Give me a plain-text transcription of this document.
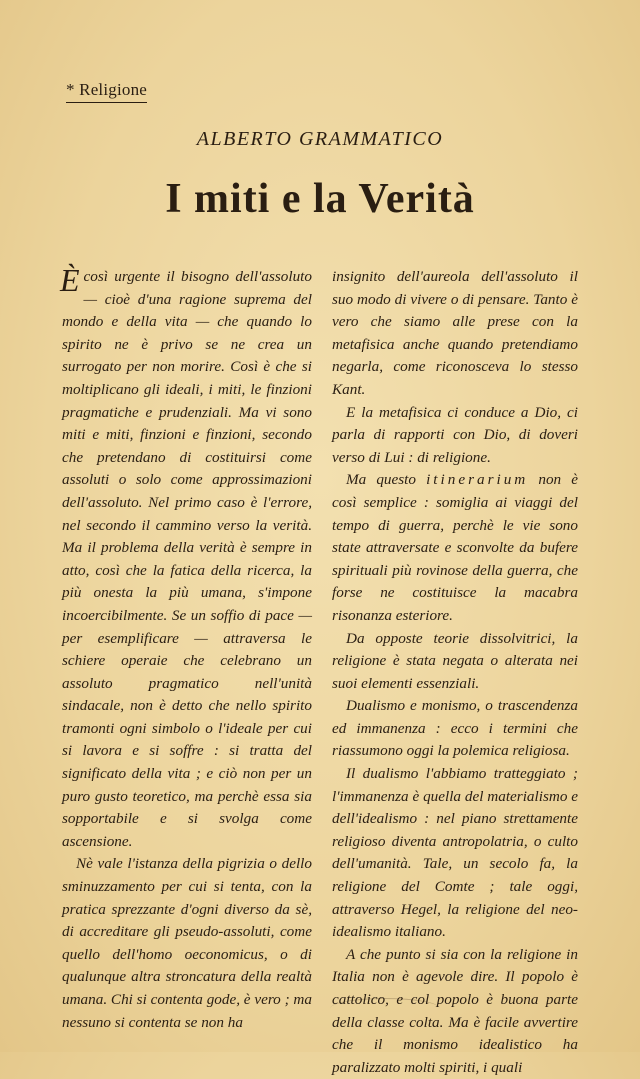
* Religione
ALBERTO GRAMMATICO
I miti e la Verità

Ècosì urgente il bisogno dell'assoluto — cioè d'una ragione suprema del mondo e della vita — che quando lo spirito ne è privo se ne crea un surrogato per non morire. Così è che si moltiplicano gli ideali, i miti, le finzioni pragmatiche e prudenziali. Ma vi sono miti e miti, finzioni e finzioni, secondo che pretendano di costituirsi come assoluti o solo come approssimazioni dell'assoluto. Nel primo caso è l'errore, nel secondo il cammino verso la verità. Ma il problema della verità è sempre in atto, così che la fatica della ricerca, la più onesta la più umana, s'impone incoercibilmente. Se un soffio di pace — per esemplificare — attraversa le schiere operaie che celebrano un assoluto pragmatico nell'unità sindacale, non è detto che nello spirito tramonti ogni simbolo o l'ideale per cui si lavora e si soffre : si tratta del significato della vita ; e ciò non per un puro gusto teoretico, ma perchè essa sia sopportabile e si svolga come ascensione.

Nè vale l'istanza della pigrizia o dello sminuzzamento per cui si tenta, con la pratica sprezzante d'ogni diverso da sè, di accreditare gli pseudo-assoluti, come quello dell'homo oeconomicus, o di qualunque altra stroncatura della realtà umana. Chi si contenta gode, è vero ; ma nessuno si contenta se non ha

insignito dell'aureola dell'assoluto il suo modo di vivere o di pensare. Tanto è vero che siamo alle prese con la metafisica anche quando pretendiamo negarla, come riconosceva lo stesso Kant.

E la metafisica ci conduce a Dio, ci parla di rapporti con Dio, di doveri verso di Lui : di religione.

Ma questo itinerarium non è così semplice : somiglia ai viaggi del tempo di guerra, perchè le vie sono state attraversate e sconvolte da bufere spirituali più rovinose della guerra, che forse ne costituisce la macabra risonanza esteriore.

Da opposte teorie dissolvitrici, la religione è stata negata o alterata nei suoi elementi essenziali.

Dualismo e monismo, o trascendenza ed immanenza : ecco i termini che riassumono oggi la polemica religiosa.

Il dualismo l'abbiamo tratteggiato ; l'immanenza è quella del materialismo e dell'idealismo : nel piano strettamente religioso diventa antropolatria, o culto dell'umanità. Tale, un secolo fa, la religione del Comte ; tale oggi, attraverso Hegel, la religione del neo-idealismo italiano.

A che punto si sia con la religione in Italia non è agevole dire. Il popolo è cattolico, e col popolo è buona parte della classe colta. Ma è facile avvertire che il monismo idealistico ha paralizzato molti spiriti, i quali
